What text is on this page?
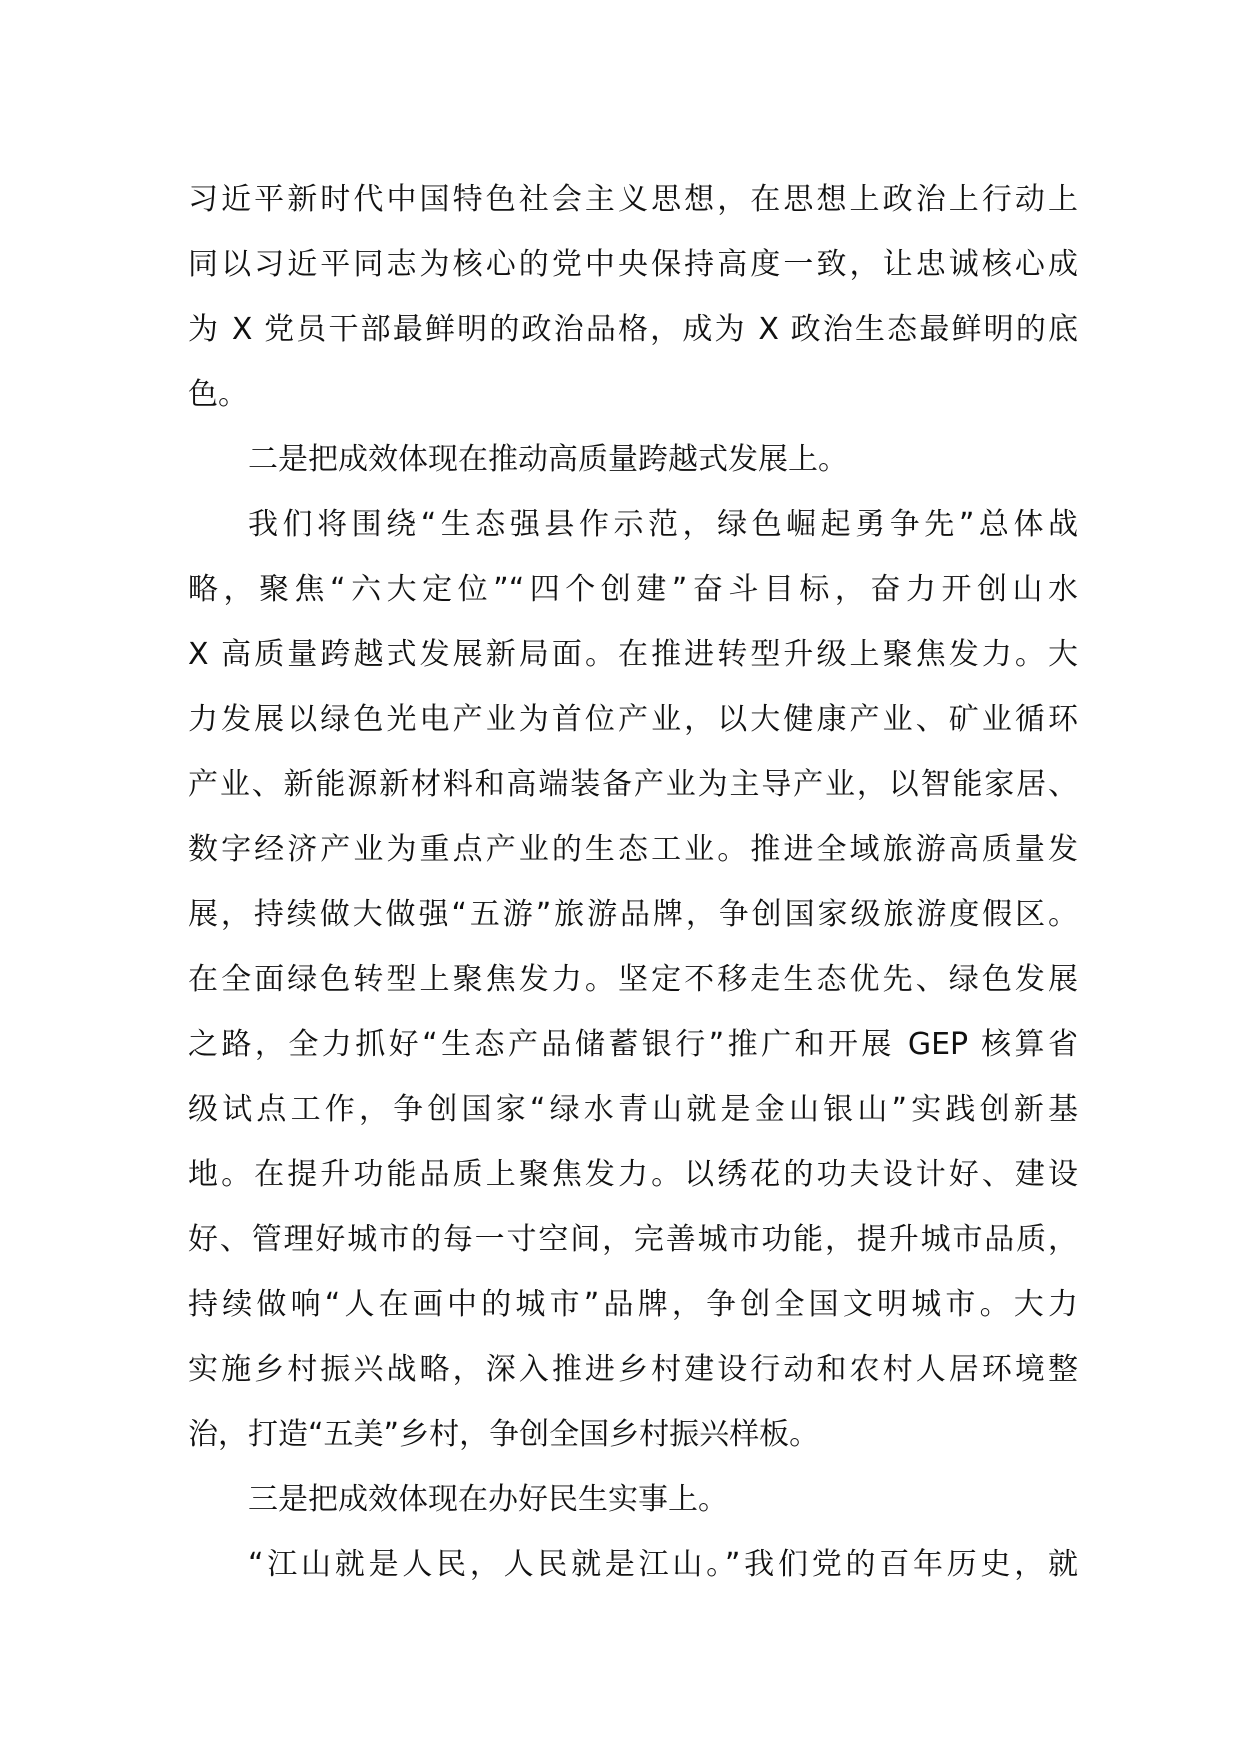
习近平新时代中国特色社会主义思想，在思想上政治上行动上
同以习近平同志为核心的党中央保持高度一致，让忠诚核心成
为 X 党员干部最鲜明的政治品格，成为 X 政治生态最鲜明的底
色。
二是把成效体现在推动高质量跨越式发展上。
我们将围绕“生态强县作示范，绿色崛起勇争先”总体战
略，聚焦“六大定位”“四个创建”奋斗目标，奋力开创山水
X 高质量跨越式发展新局面。在推进转型升级上聚焦发力。大
力发展以绿色光电产业为首位产业，以大健康产业、矿业循环
产业、新能源新材料和高端装备产业为主导产业，以智能家居、
数字经济产业为重点产业的生态工业。推进全域旅游高质量发
展，持续做大做强“五游”旅游品牌，争创国家级旅游度假区。
在全面绿色转型上聚焦发力。坚定不移走生态优先、绿色发展
之路，全力抓好“生态产品储蓄银行”推广和开展 GEP 核算省
级试点工作，争创国家“绿水青山就是金山银山”实践创新基
地。在提升功能品质上聚焦发力。以绣花的功夫设计好、建设
好、管理好城市的每一寸空间，完善城市功能，提升城市品质，
持续做响“人在画中的城市”品牌，争创全国文明城市。大力
实施乡村振兴战略，深入推进乡村建设行动和农村人居环境整
治，打造“五美”乡村，争创全国乡村振兴样板。
三是把成效体现在办好民生实事上。
“江山就是人民，人民就是江山。”我们党的百年历史，就
